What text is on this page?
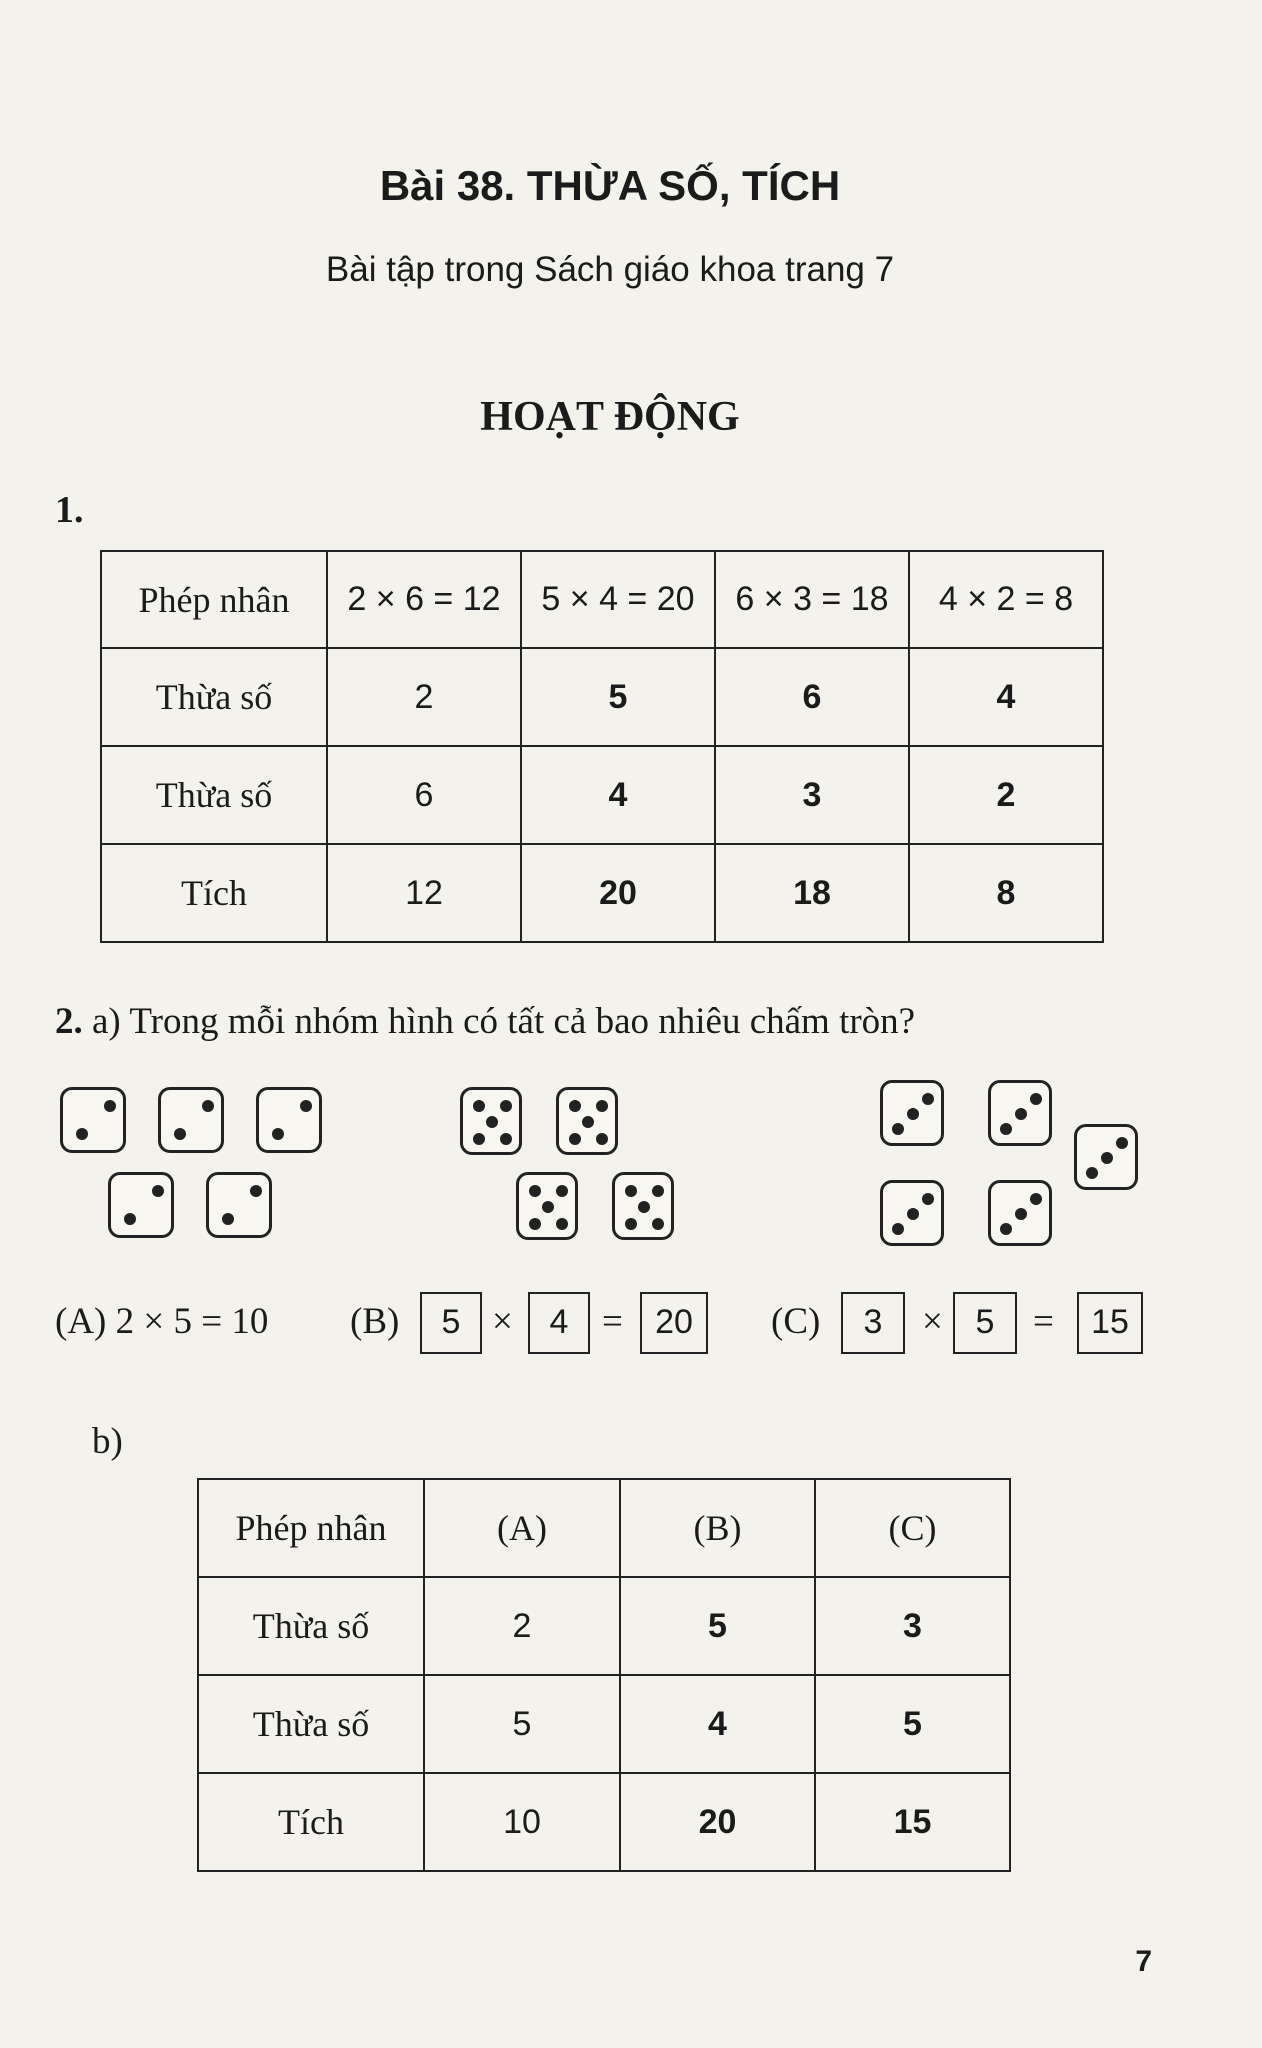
Bài 38. THỪA SỐ, TÍCH
Bài tập trong Sách giáo khoa trang 7
HOẠT ĐỘNG
1.
Phép nhân	2 × 6 = 12	5 × 4 = 20	6 × 3 = 18	4 × 2 = 8
Thừa số	2	5	6	4
Thừa số	6	4	3	2
Tích	12	20	18	8
2. a) Trong mỗi nhóm hình có tất cả bao nhiêu chấm tròn?
(A) 2 × 5 = 10 (B)	5 ×	4 = 20	(C)	3	× 5	=	15
b)
Phép nhân	(A)	(B)	(C)
Thừa số	2	5	3
Thừa số	5	4	5
Tích	10	20	15
7
